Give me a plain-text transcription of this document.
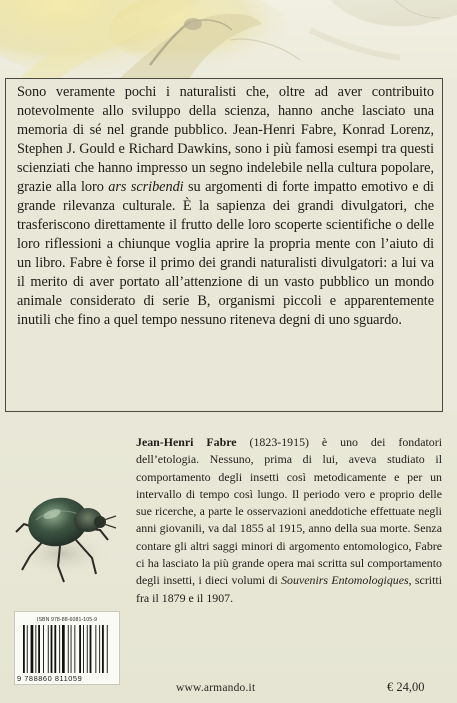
Sono veramente pochi i naturalisti che, oltre ad aver contribuito notevolmente allo sviluppo della scienza, hanno anche lasciato una memoria di sé nel grande pubblico. Jean-Henri Fabre, Konrad Lorenz, Stephen J. Gould e Richard Dawkins, sono i più famosi esempi tra questi scienziati che hanno impresso un segno indelebile nella cultura popolare, grazie alla loro ars scribendi su argomenti di forte impatto emotivo e di grande rilevanza culturale. È la sapienza dei grandi divulgatori, che trasferiscono direttamente il frutto delle loro scoperte scientifiche o delle loro riflessioni a chiunque voglia aprire la propria mente con l’aiuto di un libro. Fabre è forse il primo dei grandi naturalisti divulgatori: a lui va il merito di aver portato all’attenzione di un vasto pubblico un mondo animale considerato di serie B, organismi piccoli e apparentemente inutili che fino a quel tempo nessuno riteneva degni di uno sguardo.

Jean-Henri Fabre (1823-1915) è uno dei fondatori dell’etologia. Nessuno, prima di lui, aveva studiato il comportamento degli insetti così metodicamente e per un intervallo di tempo così lungo. Il periodo vero e proprio delle sue ricerche, a parte le osservazioni aneddotiche effettuate negli anni giovanili, va dal 1855 al 1915, anno della sua morte. Senza contare gli altri saggi minori di argomento entomologico, Fabre ci ha lasciato la più grande opera mai scritta sul comportamento degli insetti, i dieci volumi di Souvenirs Entomologiques, scritti fra il 1879 e il 1907.

ISBN 978-88-6081-105-9
9 788860 811059
www.armando.it	€ 24,00
